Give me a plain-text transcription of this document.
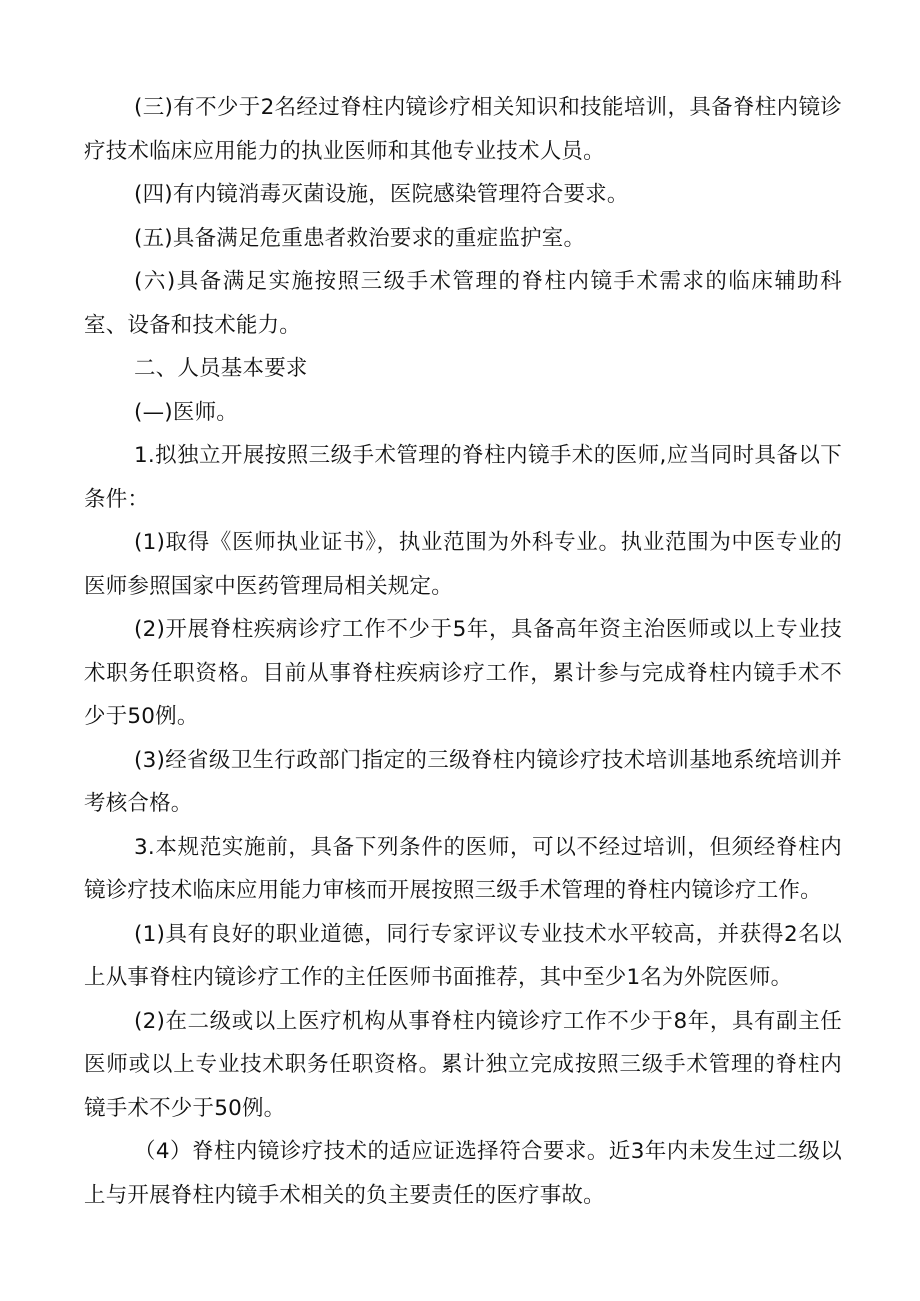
(三)有不少于2名经过脊柱内镜诊疗相关知识和技能培训，具备脊柱内镜诊疗技术临床应用能力的执业医师和其他专业技术人员。

(四)有内镜消毒灭菌设施，医院感染管理符合要求。

(五)具备满足危重患者救治要求的重症监护室。

(六)具备满足实施按照三级手术管理的脊柱内镜手术需求的临床辅助科室、设备和技术能力。

二、人员基本要求

(—)医师。

1.拟独立开展按照三级手术管理的脊柱内镜手术的医师,应当同时具备以下条件：

(1)取得《医师执业证书》，执业范围为外科专业。执业范围为中医专业的医师参照国家中医药管理局相关规定。

(2)开展脊柱疾病诊疗工作不少于5年，具备高年资主治医师或以上专业技术职务任职资格。目前从事脊柱疾病诊疗工作，累计参与完成脊柱内镜手术不少于50例。

(3)经省级卫生行政部门指定的三级脊柱内镜诊疗技术培训基地系统培训并考核合格。

3.本规范实施前，具备下列条件的医师，可以不经过培训，但须经脊柱内镜诊疗技术临床应用能力审核而开展按照三级手术管理的脊柱内镜诊疗工作。

(1)具有良好的职业道德，同行专家评议专业技术水平较高，并获得2名以上从事脊柱内镜诊疗工作的主任医师书面推荐，其中至少1名为外院医师。

(2)在二级或以上医疗机构从事脊柱内镜诊疗工作不少于8年，具有副主任医师或以上专业技术职务任职资格。累计独立完成按照三级手术管理的脊柱内镜手术不少于50例。

（4）脊柱内镜诊疗技术的适应证选择符合要求。近3年内未发生过二级以上与开展脊柱内镜手术相关的负主要责任的医疗事故。
